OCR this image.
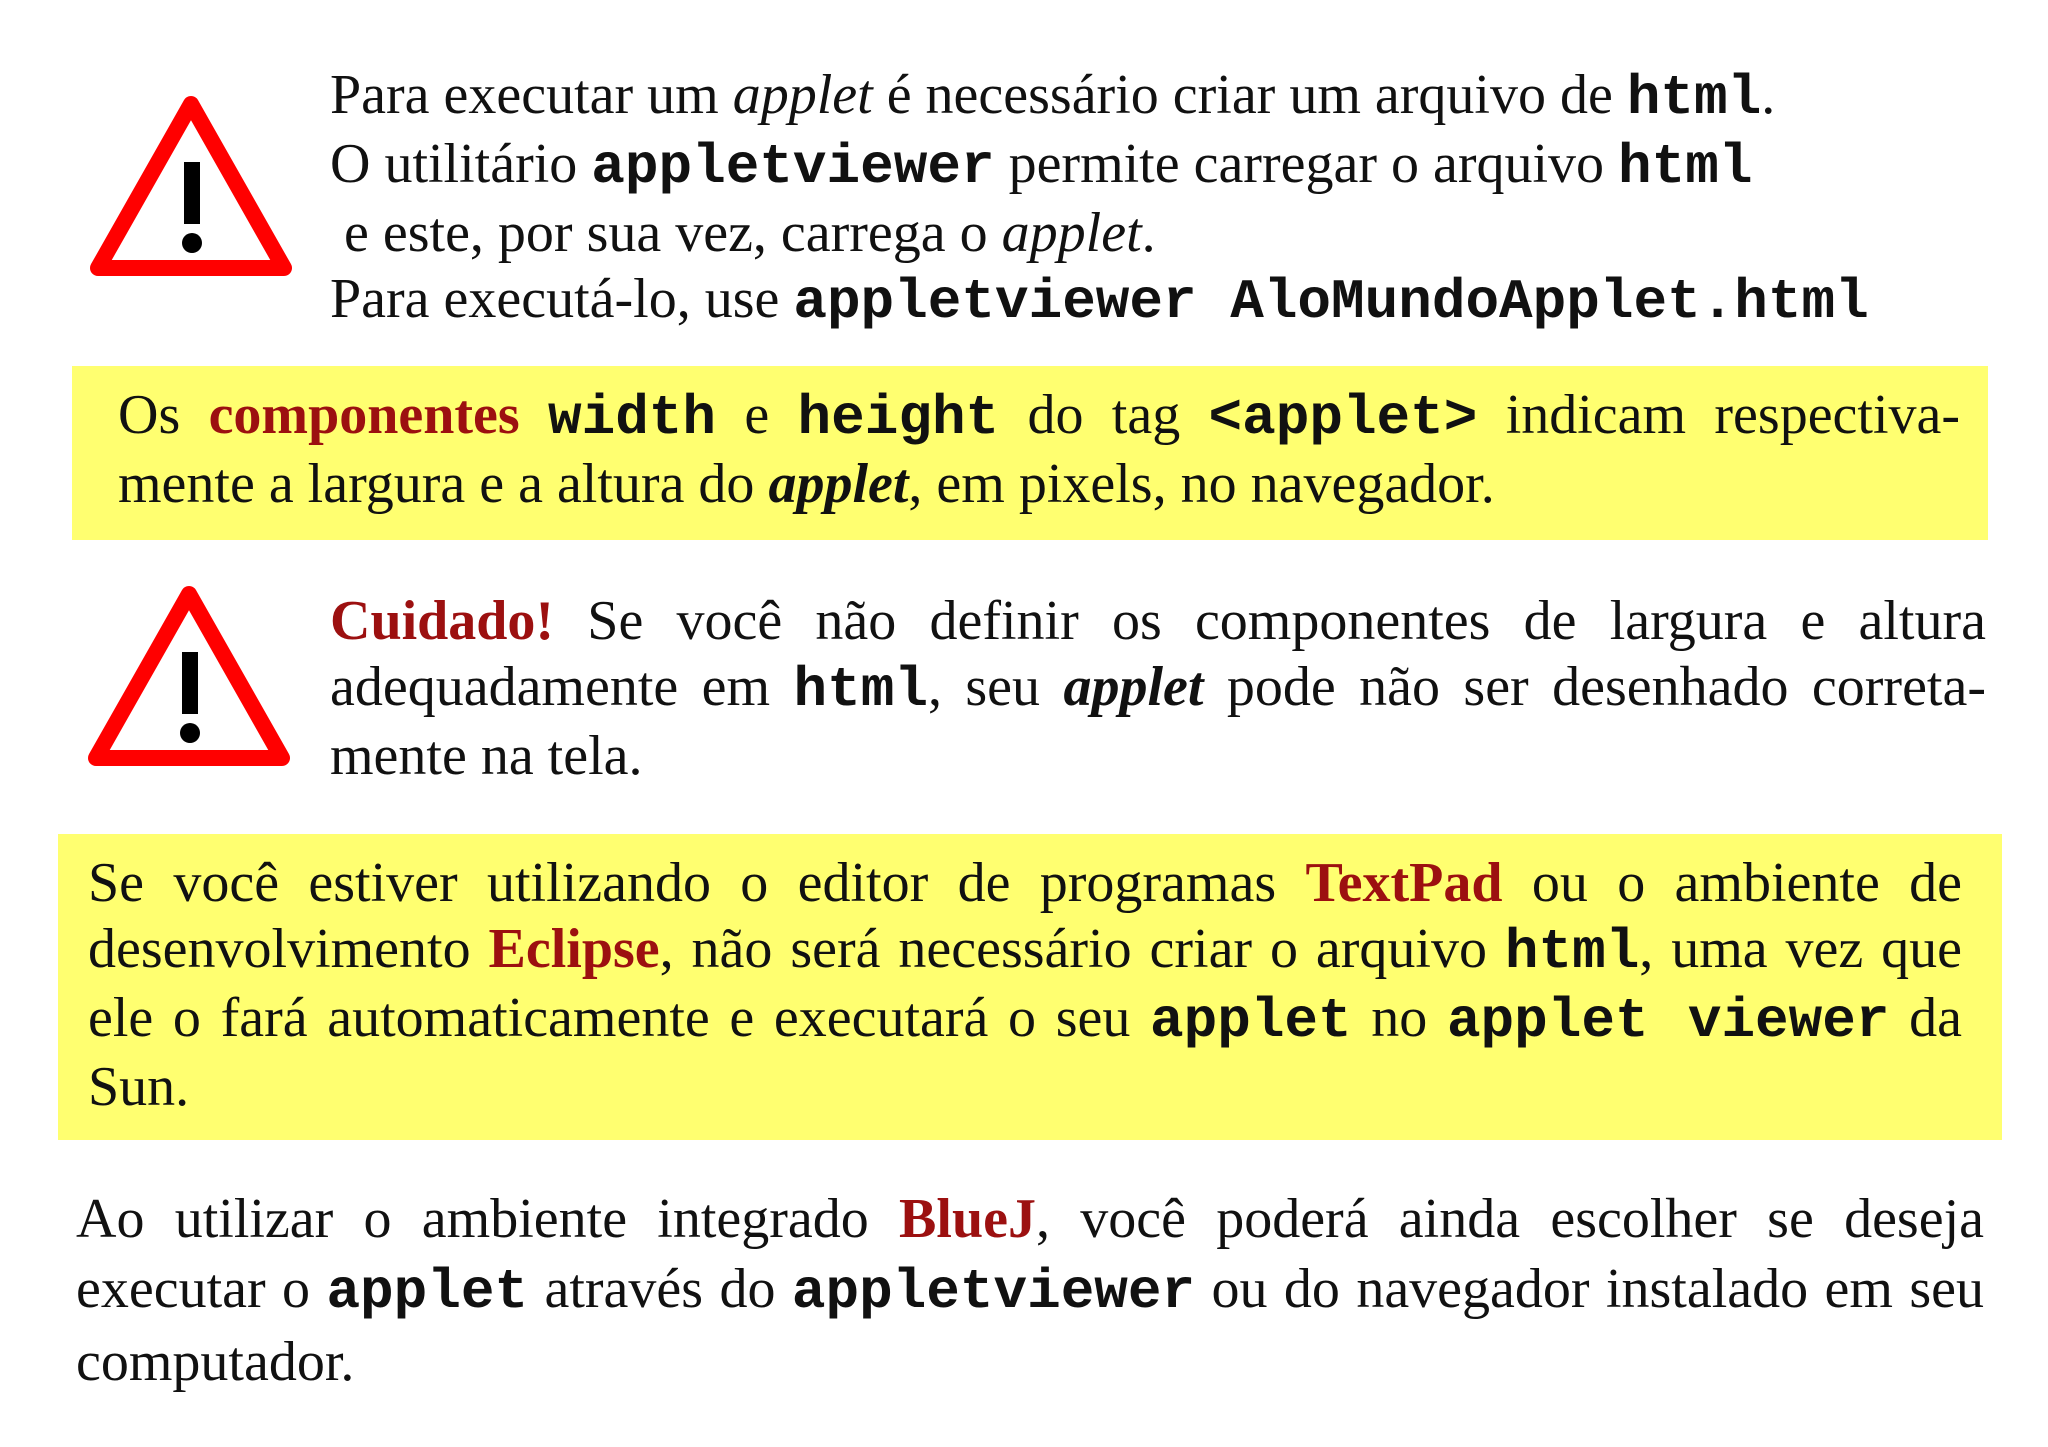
Para executar um applet é necessário criar um arquivo de html.
O utilitário appletviewer permite carregar o arquivo html
e este, por sua vez, carrega o applet.
Para executá-lo, use appletviewer AloMundoApplet.html
Os componentes width e height do tag <applet> indicam respectiva-mente a largura e a altura do applet, em pixels, no navegador.
Cuidado! Se você não definir os componentes de largura e altura adequadamente em html, seu applet pode não ser desenhado correta-mente na tela.
Se você estiver utilizando o editor de programas TextPad ou o ambiente de desenvolvimento Eclipse, não será necessário criar o arquivo html, uma vez que ele o fará automaticamente e executará o seu applet no applet viewer da Sun.
Ao utilizar o ambiente integrado BlueJ, você poderá ainda escolher se deseja executar o applet através do appletviewer ou do navegador instalado em seu computador.
